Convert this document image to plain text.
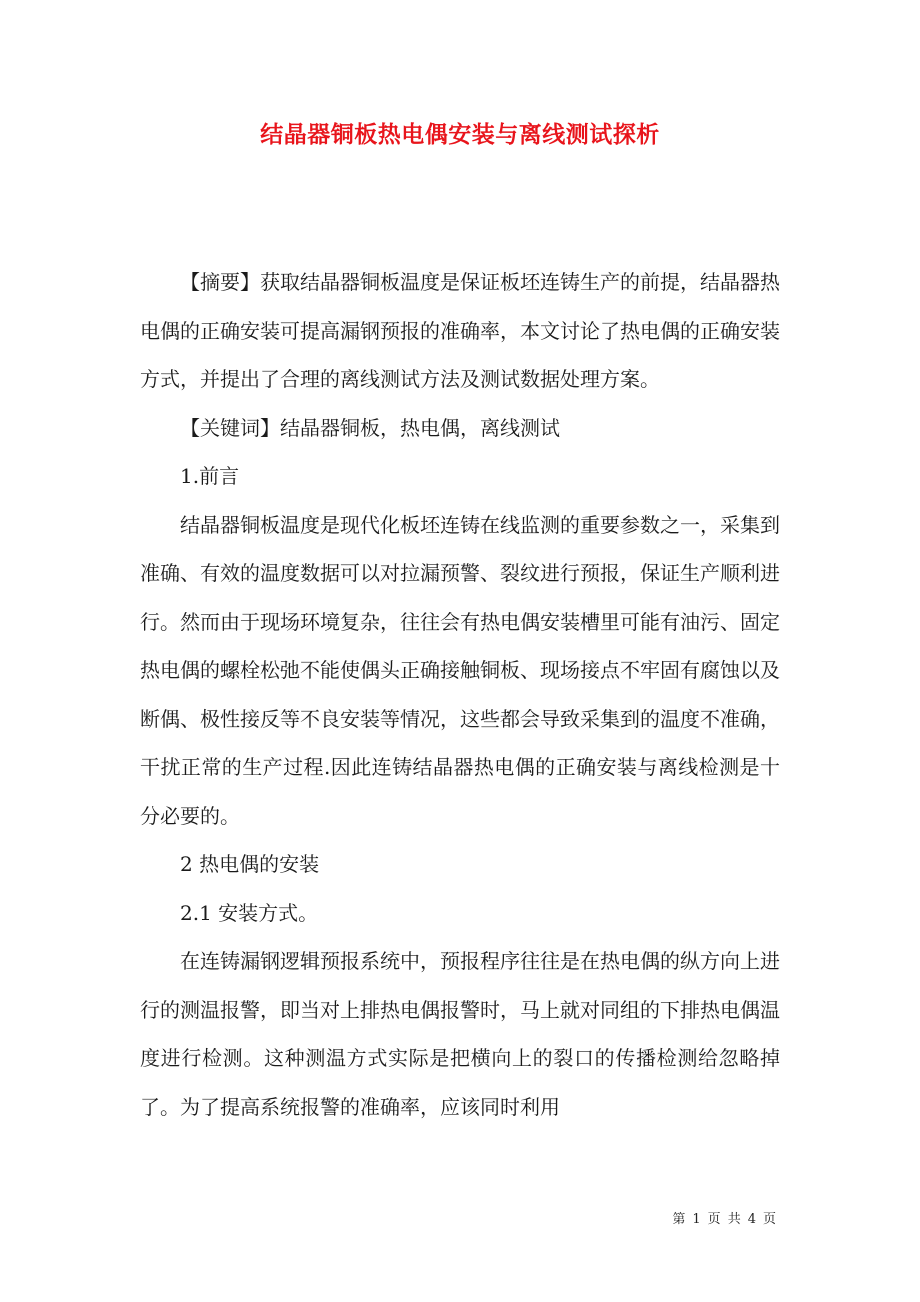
结晶器铜板热电偶安装与离线测试探析

【摘要】获取结晶器铜板温度是保证板坯连铸生产的前提，结晶器热电偶的正确安装可提高漏钢预报的准确率，本文讨论了热电偶的正确安装方式，并提出了合理的离线测试方法及测试数据处理方案。

【关键词】结晶器铜板，热电偶，离线测试

1.前言

结晶器铜板温度是现代化板坯连铸在线监测的重要参数之一，采集到准确、有效的温度数据可以对拉漏预警、裂纹进行预报，保证生产顺利进行。然而由于现场环境复杂，往往会有热电偶安装槽里可能有油污、固定热电偶的螺栓松弛不能使偶头正确接触铜板、现场接点不牢固有腐蚀以及断偶、极性接反等不良安装等情况，这些都会导致采集到的温度不准确，干扰正常的生产过程.因此连铸结晶器热电偶的正确安装与离线检测是十分必要的。

2 热电偶的安装

2.1 安装方式。

在连铸漏钢逻辑预报系统中，预报程序往往是在热电偶的纵方向上进行的测温报警，即当对上排热电偶报警时，马上就对同组的下排热电偶温度进行检测。这种测温方式实际是把横向上的裂口的传播检测给忽略掉了。为了提高系统报警的准确率，应该同时利用

第 1 页 共 4 页
